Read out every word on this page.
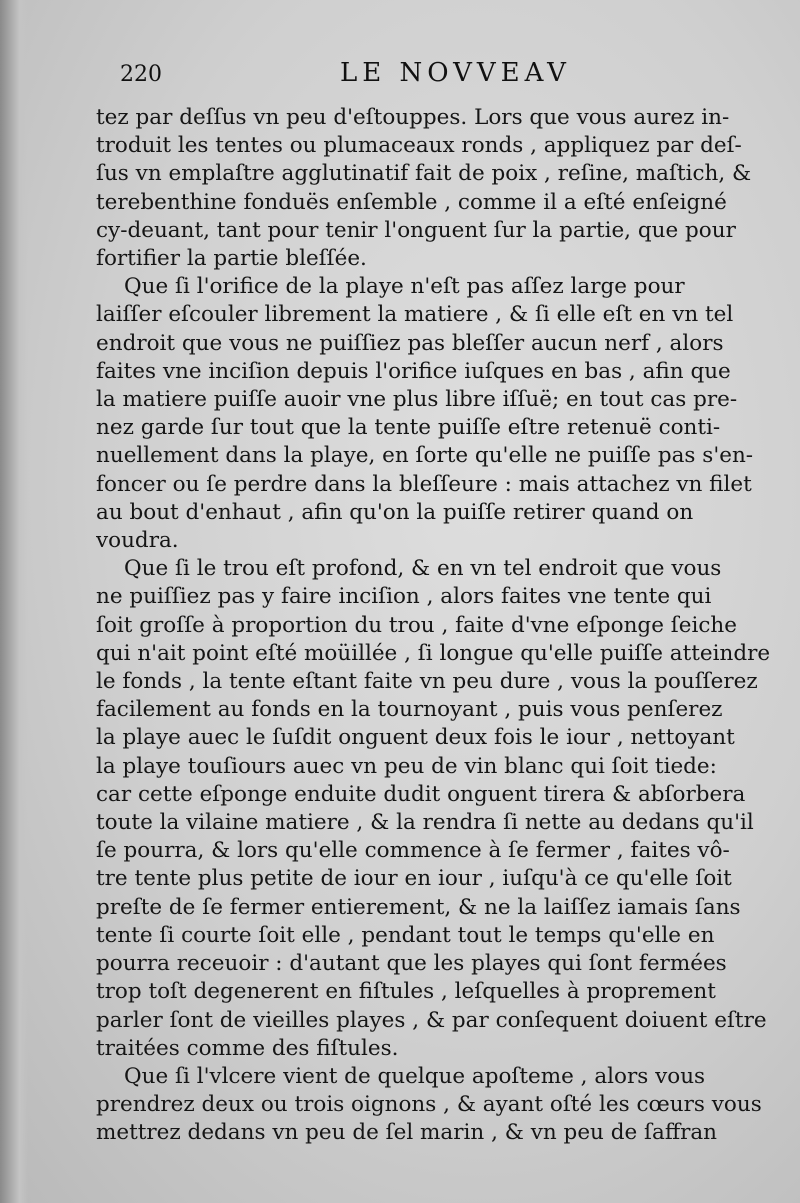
220	LE NOVVEAV
tez par deſſus vn peu d'eſtouppes. Lors que vous aurez in-
troduit les tentes ou plumaceaux ronds , appliquez par deſ-
ſus vn emplaſtre agglutinatif fait de poix , reſine, maſtich, &
terebenthine fonduës enſemble , comme il a eſté enſeigné
cy-deuant, tant pour tenir l'onguent ſur la partie, que pour
fortifier la partie bleſſée.
Que ſi l'orifice de la playe n'eſt pas aſſez large pour
laiſſer eſcouler librement la matiere , & ſi elle eſt en vn tel
endroit que vous ne puiſſiez pas bleſſer aucun nerf , alors
faites vne inciſion depuis l'orifice iuſques en bas , afin que
la matiere puiſſe auoir vne plus libre iſſuë; en tout cas pre-
nez garde ſur tout que la tente puiſſe eſtre retenuë conti-
nuellement dans la playe, en ſorte qu'elle ne puiſſe pas s'en-
foncer ou ſe perdre dans la bleſſeure : mais attachez vn filet
au bout d'enhaut , afin qu'on la puiſſe retirer quand on
voudra.
Que ſi le trou eſt profond, & en vn tel endroit que vous
ne puiſſiez pas y faire inciſion , alors faites vne tente qui
ſoit groſſe à proportion du trou , faite d'vne eſponge ſeiche
qui n'ait point eſté moüillée , ſi longue qu'elle puiſſe atteindre
le fonds , la tente eſtant faite vn peu dure , vous la pouſſerez
facilement au fonds en la tournoyant , puis vous penſerez
la playe auec le ſuſdit onguent deux fois le iour , nettoyant
la playe touſiours auec vn peu de vin blanc qui ſoit tiede:
car cette eſponge enduite dudit onguent tirera & abſorbera
toute la vilaine matiere , & la rendra ſi nette au dedans qu'il
ſe pourra, & lors qu'elle commence à ſe fermer , faites vô-
tre tente plus petite de iour en iour , iuſqu'à ce qu'elle ſoit
preſte de ſe fermer entierement, & ne la laiſſez iamais ſans
tente ſi courte ſoit elle , pendant tout le temps qu'elle en
pourra receuoir : d'autant que les playes qui ſont fermées
trop toſt degenerent en fiſtules , leſquelles à proprement
parler ſont de vieilles playes , & par conſequent doiuent eſtre
traitées comme des fiſtules.
Que ſi l'vlcere vient de quelque apoſteme , alors vous
prendrez deux ou trois oignons , & ayant oſté les cœurs vous
mettrez dedans vn peu de ſel marin , & vn peu de ſaffran
